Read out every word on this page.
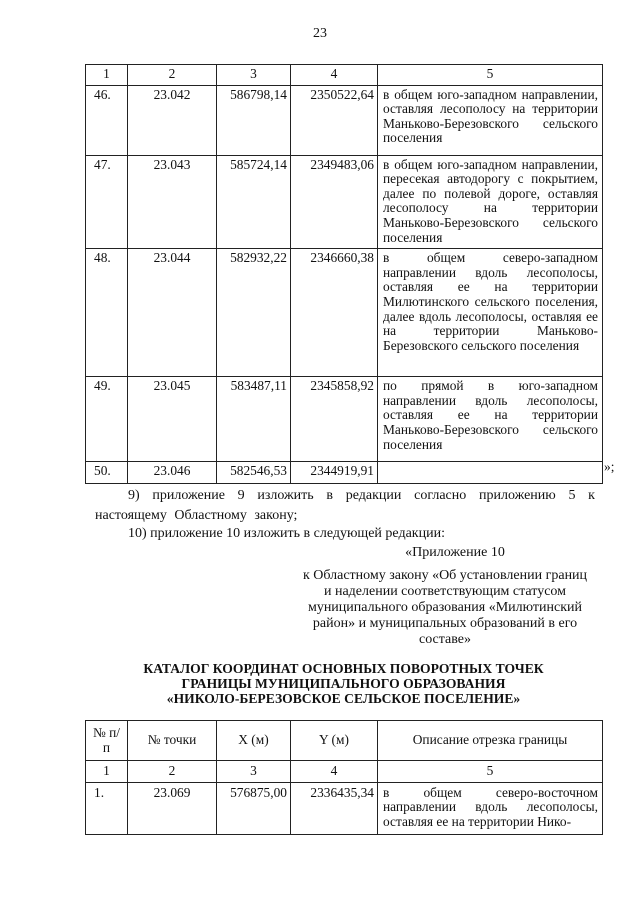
23
1	2	3	4	5
46.	23.042	586798,14	2350522,64	в общем юго-западном направлении, оставляя лесополосу на территории Маньково-Березовского сельского поселения
47.	23.043	585724,14	2349483,06	в общем юго-западном направлении, пересекая автодорогу с покрытием, далее по полевой дороге, оставляя лесополосу на территории Маньково-Березовского сельского поселения
48.	23.044	582932,22	2346660,38	в общем северо-западном направлении вдоль лесополосы, оставляя ее на территории Милютинского сельского поселения, далее вдоль лесополосы, оставляя ее на территории Маньково-Березовского сельского поселения
49.	23.045	583487,11	2345858,92	по прямой в юго-западном направлении вдоль лесополосы, оставляя ее на территории Маньково-Березовского сельского поселения
50.	23.046	582546,53	2344919,91		»;
9) приложение 9 изложить в редакции согласно приложению 5 к настоящему Областному закону;
10) приложение 10 изложить в следующей редакции:
«Приложение 10
к Областному закону «Об установлении границ и наделении соответствующим статусом муниципального образования «Милютинский район» и муниципальных образований в его составе»
КАТАЛОГ КООРДИНАТ ОСНОВНЫХ ПОВОРОТНЫХ ТОЧЕК
ГРАНИЦЫ МУНИЦИПАЛЬНОГО ОБРАЗОВАНИЯ
«НИКОЛО-БЕРЕЗОВСКОЕ СЕЛЬСКОЕ ПОСЕЛЕНИЕ»
№ п/п	№ точки	X (м)	Y (м)	Описание отрезка границы
1	2	3	4	5
1.	23.069	576875,00	2336435,34	в общем северо-восточном направлении вдоль лесополосы, оставляя ее на территории Нико-
